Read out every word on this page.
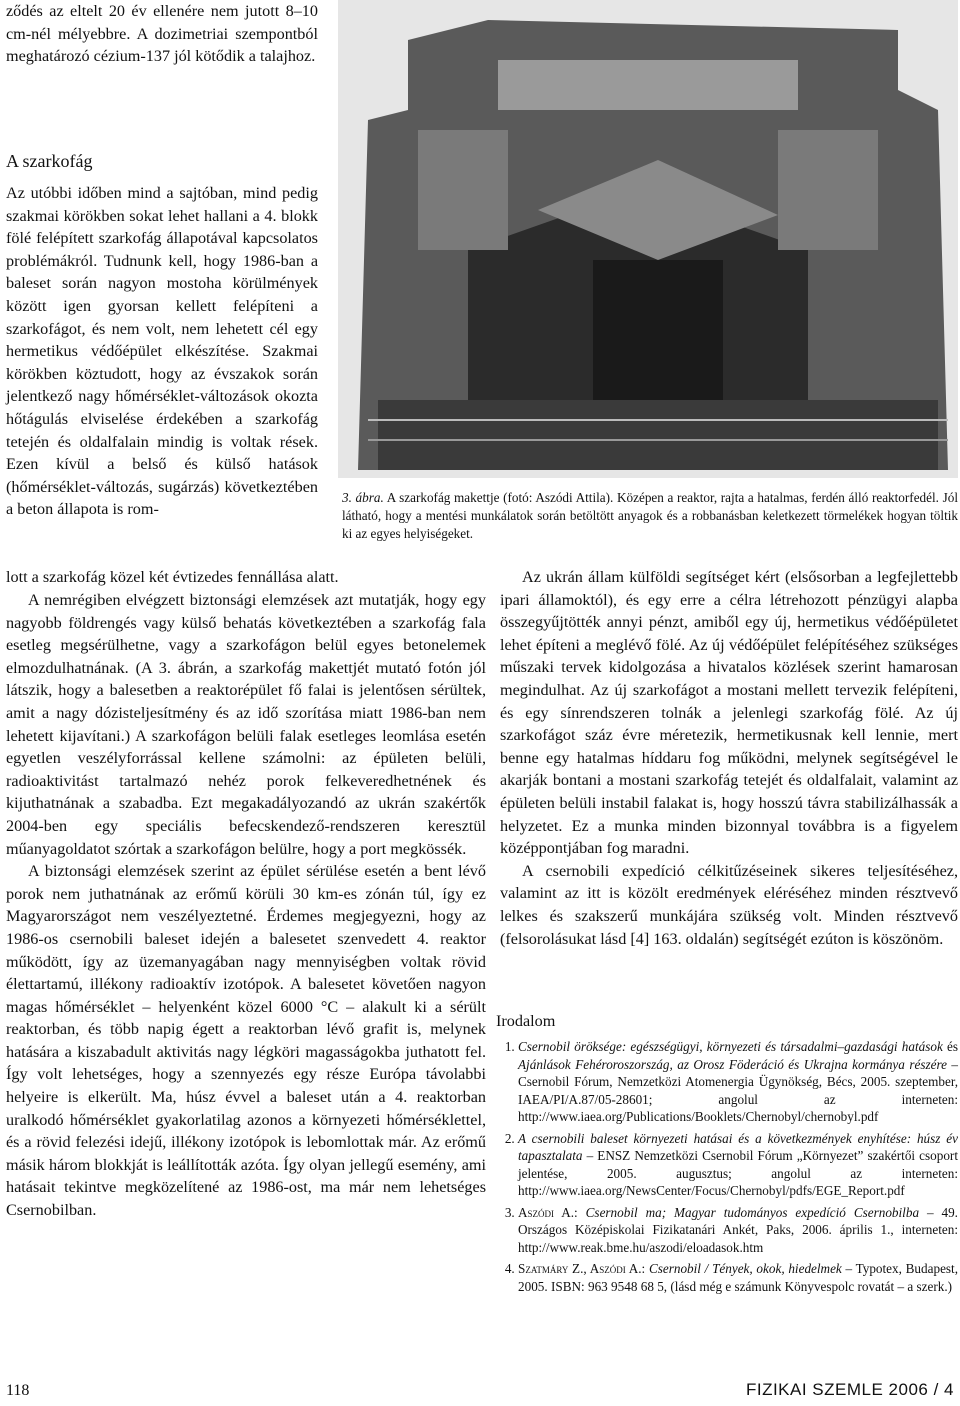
ződés az eltelt 20 év ellenére nem jutott 8–10 cm-nél mélyebbre. A dozimetriai szempontból meghatározó cézium-137 jól kötődik a talajhoz.

A szarkofág

Az utóbbi időben mind a sajtóban, mind pedig szakmai körökben sokat lehet hallani a 4. blokk fölé felépített szarkofág állapotával kapcsolatos problémákról. Tudnunk kell, hogy 1986-ban a baleset során nagyon mostoha körülmények között igen gyorsan kellett felépíteni a szarkofágot, és nem volt, nem lehetett cél egy hermetikus védőépület elkészítése. Szakmai körökben köztudott, hogy az évszakok során jelentkező nagy hőmérséklet-változások okozta hőtágulás elviselése érdekében a szarkofág tetején és oldalfalain mindig is voltak rések. Ezen kívül a belső és külső hatások (hőmérséklet-változás, sugárzás) következtében a beton állapota is rom-

3. ábra. A szarkofág makettje (fotó: Aszódi Attila). Középen a reaktor, rajta a hatalmas, ferdén álló reaktorfedél. Jól látható, hogy a mentési munkálatok során betöltött anyagok és a robbanásban keletkezett törmelékek hogyan töltik ki az egyes helyiségeket.

lott a szarkofág közel két évtizedes fennállása alatt.

A nemrégiben elvégzett biztonsági elemzések azt mutatják, hogy egy nagyobb földrengés vagy külső behatás következtében a szarkofág fala esetleg megsérülhetne, vagy a szarkofágon belül egyes betonelemek elmozdulhatnának. (A 3. ábrán, a szarkofág makettjét mutató fotón jól látszik, hogy a balesetben a reaktorépület fő falai is jelentősen sérültek, amit a nagy dózisteljesítmény és az idő szorítása miatt 1986-ban nem lehetett kijavítani.) A szarkofágon belüli falak esetleges leomlása esetén egyetlen veszélyforrással kellene számolni: az épületen belüli, radioaktivitást tartalmazó nehéz porok felkeveredhetnének és kijuthatnának a szabadba. Ezt megakadályozandó az ukrán szakértők 2004-ben egy speciális befecskendező-rendszeren keresztül műanyagoldatot szórtak a szarkofágon belülre, hogy a port megkössék.

A biztonsági elemzések szerint az épület sérülése esetén a bent lévő porok nem juthatnának az erőmű körüli 30 km-es zónán túl, így ez Magyarországot nem veszélyeztetné. Érdemes megjegyezni, hogy az 1986-os csernobili baleset idején a balesetet szenvedett 4. reaktor működött, így az üzemanyagában nagy mennyiségben voltak rövid élettartamú, illékony radioaktív izotópok. A balesetet követően nagyon magas hőmérséklet – helyenként közel 6000 °C – alakult ki a sérült reaktorban, és több napig égett a reaktorban lévő grafit is, melynek hatására a kiszabadult aktivitás nagy légköri magasságokba juthatott fel. Így volt lehetséges, hogy a szennyezés egy része Európa távolabbi helyeire is elkerült. Ma, húsz évvel a baleset után a 4. reaktorban uralkodó hőmérséklet gyakorlatilag azonos a környezeti hőmérséklettel, és a rövid felezési idejű, illékony izotópok is lebomlottak már. Az erőmű másik három blokkját is leállították azóta. Így olyan jellegű esemény, ami hatásait tekintve megközelítené az 1986-ost, ma már nem lehetséges Csernobilban.

Az ukrán állam külföldi segítséget kért (elsősorban a legfejlettebb ipari államoktól), és egy erre a célra létrehozott pénzügyi alapba összegyűjtötték annyi pénzt, amiből egy új, hermetikus védőépületet lehet építeni a meglévő fölé. Az új védőépület felépítéséhez szükséges műszaki tervek kidolgozása a hivatalos közlések szerint hamarosan megindulhat. Az új szarkofágot a mostani mellett tervezik felépíteni, és egy sínrendszeren tolnák a jelenlegi szarkofág fölé. Az új szarkofágot száz évre méretezik, hermetikusnak kell lennie, mert benne egy hatalmas híddaru fog működni, melynek segítségével le akarják bontani a mostani szarkofág tetejét és oldalfalait, valamint az épületen belüli instabil falakat is, hogy hosszú távra stabilizálhassák a helyzetet. Ez a munka minden bizonnyal továbbra is a figyelem középpontjában fog maradni.

A csernobili expedíció célkitűzéseinek sikeres teljesítéséhez, valamint az itt is közölt eredmények eléréséhez minden résztvevő lelkes és szakszerű munkájára szükség volt. Minden résztvevő (felsorolásukat lásd [4] 163. oldalán) segítségét ezúton is köszönöm.

Irodalom
1. Csernobil öröksége: egészségügyi, környezeti és társadalmi–gazdasági hatások és Ajánlások Fehéroroszország, az Orosz Föderáció és Ukrajna kormánya részére – Csernobil Fórum, Nemzetközi Atomenergia Ügynökség, Bécs, 2005. szeptember, IAEA/PI/A.87/05-28601; angolul az interneten: http://www.iaea.org/Publications/Booklets/Chernobyl/chernobyl.pdf
2. A csernobili baleset környezeti hatásai és a következmények enyhítése: húsz év tapasztalata – ENSZ Nemzetközi Csernobil Fórum „Környezet” szakértői csoport jelentése, 2005. augusztus; angolul az interneten: http://www.iaea.org/NewsCenter/Focus/Chernobyl/pdfs/EGE_Report.pdf
3. Aszódi A.: Csernobil ma; Magyar tudományos expedíció Csernobilba – 49. Országos Középiskolai Fizikatanári Ankét, Paks, 2006. április 1., interneten: http://www.reak.bme.hu/aszodi/eloadasok.htm
4. Szatmáry Z., Aszódi A.: Csernobil / Tények, okok, hiedelmek – Typotex, Budapest, 2005. ISBN: 963 9548 68 5, (lásd még e számunk Könyvespolc rovatát – a szerk.)
118	FIZIKAI SZEMLE 2006 / 4
